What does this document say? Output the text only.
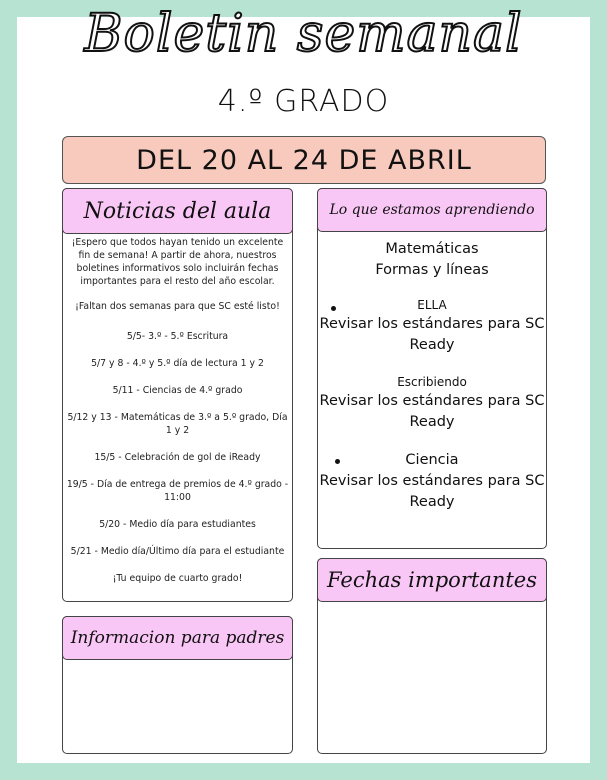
Boletin semanal
4.º GRADO
DEL 20 AL 24 DE ABRIL
Noticias del aula

¡Espero que todos hayan tenido un excelente fin de semana! A partir de ahora, nuestros boletines informativos solo incluirán fechas importantes para el resto del año escolar.

¡Faltan dos semanas para que SC esté listo!

5/5- 3.º - 5.º Escritura

5/7 y 8 - 4.º y 5.º día de lectura 1 y 2

5/11 - Ciencias de 4.º grado

5/12 y 13 - Matemáticas de 3.º a 5.º grado, Día 1 y 2

15/5 - Celebración de gol de iReady

19/5 - Día de entrega de premios de 4.º grado - 11:00

5/20 - Medio día para estudiantes

5/21 - Medio día/Último día para el estudiante

¡Tu equipo de cuarto grado!

Lo que estamos aprendiendo

Matemáticas

Formas y líneas

ELLA

Revisar los estándares para SC Ready

Escribiendo

Revisar los estándares para SC Ready

Ciencia

Revisar los estándares para SC Ready

Informacion para padres
Fechas importantes
